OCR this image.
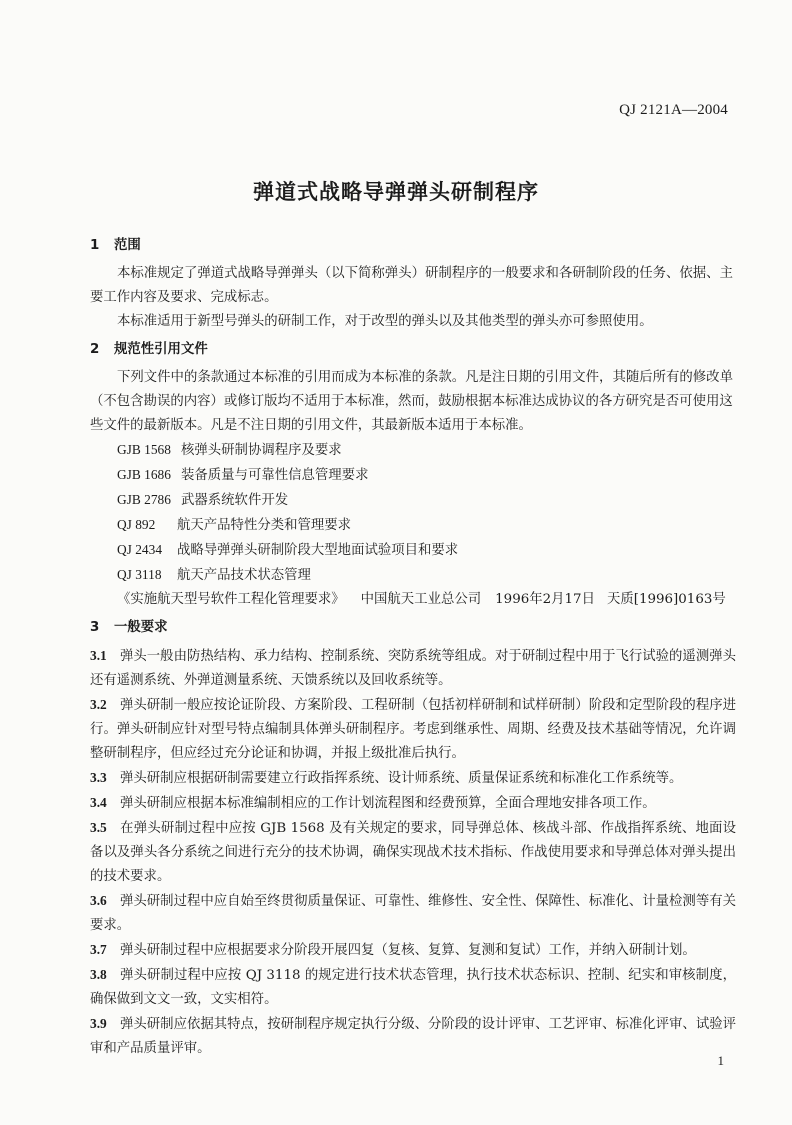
QJ 2121A—2004
弹道式战略导弹弹头研制程序
1 范围

本标准规定了弹道式战略导弹弹头（以下简称弹头）研制程序的一般要求和各研制阶段的任务、依据、主要工作内容及要求、完成标志。

本标准适用于新型号弹头的研制工作，对于改型的弹头以及其他类型的弹头亦可参照使用。

2 规范性引用文件

下列文件中的条款通过本标准的引用而成为本标准的条款。凡是注日期的引用文件，其随后所有的修改单（不包含勘误的内容）或修订版均不适用于本标准，然而，鼓励根据本标准达成协议的各方研究是否可使用这些文件的最新版本。凡是不注日期的引用文件，其最新版本适用于本标准。

GJB 1568 核弹头研制协调程序及要求
GJB 1686 装备质量与可靠性信息管理要求
GJB 2786 武器系统软件开发
QJ 892 航天产品特性分类和管理要求
QJ 2434 战略导弹弹头研制阶段大型地面试验项目和要求
QJ 3118 航天产品技术状态管理
《实施航天型号软件工程化管理要求》 中国航天工业总公司 1996年2月17日 天质[1996]0163号
3 一般要求

3.1 弹头一般由防热结构、承力结构、控制系统、突防系统等组成。对于研制过程中用于飞行试验的遥测弹头还有遥测系统、外弹道测量系统、天馈系统以及回收系统等。

3.2 弹头研制一般应按论证阶段、方案阶段、工程研制（包括初样研制和试样研制）阶段和定型阶段的程序进行。弹头研制应针对型号特点编制具体弹头研制程序。考虑到继承性、周期、经费及技术基础等情况，允许调整研制程序，但应经过充分论证和协调，并报上级批准后执行。

3.3 弹头研制应根据研制需要建立行政指挥系统、设计师系统、质量保证系统和标准化工作系统等。

3.4 弹头研制应根据本标准编制相应的工作计划流程图和经费预算，全面合理地安排各项工作。

3.5 在弹头研制过程中应按 GJB 1568 及有关规定的要求，同导弹总体、核战斗部、作战指挥系统、地面设备以及弹头各分系统之间进行充分的技术协调，确保实现战术技术指标、作战使用要求和导弹总体对弹头提出的技术要求。

3.6 弹头研制过程中应自始至终贯彻质量保证、可靠性、维修性、安全性、保障性、标准化、计量检测等有关要求。

3.7 弹头研制过程中应根据要求分阶段开展四复（复核、复算、复测和复试）工作，并纳入研制计划。

3.8 弹头研制过程中应按 QJ 3118 的规定进行技术状态管理，执行技术状态标识、控制、纪实和审核制度，确保做到文文一致，文实相符。

3.9 弹头研制应依据其特点，按研制程序规定执行分级、分阶段的设计评审、工艺评审、标准化评审、试验评审和产品质量评审。

1
